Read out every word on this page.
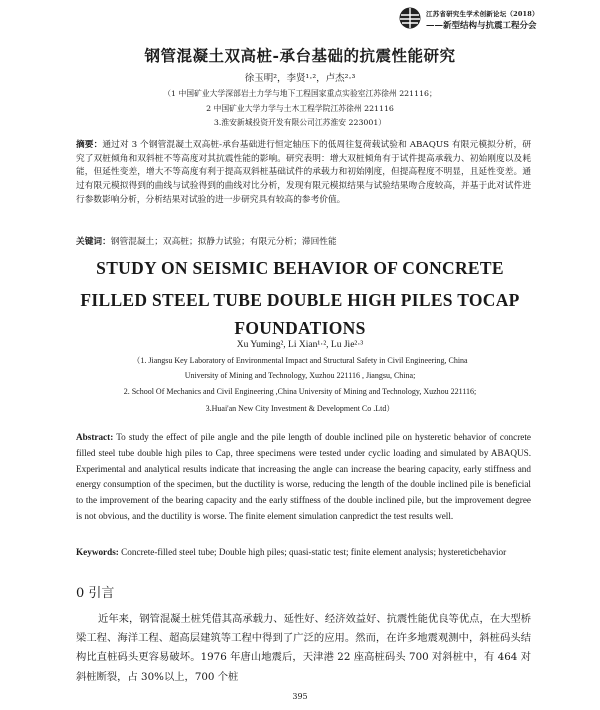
江苏省研究生学术创新论坛（2018）
——新型结构与抗震工程分会
钢管混凝土双高桩-承台基础的抗震性能研究
徐玉明²，李贤¹·²，卢杰²·³
（1 中国矿业大学深部岩土力学与地下工程国家重点实验室江苏徐州 221116；
2 中国矿业大学力学与土木工程学院江苏徐州 221116
3.淮安新城投资开发有限公司江苏淮安 223001）
摘要：通过对 3 个钢管混凝土双高桩-承台基础进行恒定轴压下的低周往复荷载试验和 ABAQUS 有限元模拟分析，研究了双桩倾角和双斜桩不等高度对其抗震性能的影响。研究表明：增大双桩倾角有于试件提高承载力、初始刚度以及耗能，但延性变差，增大不等高度有利于提高双斜桩基础试件的承载力和初始刚度，但提高程度不明显，且延性变差。通过有限元模拟得到的曲线与试验得到的曲线对比分析，发现有限元模拟结果与试验结果吻合度较高，并基于此对试件进行参数影响分析，分析结果对试验的进一步研究具有较高的参考价值。
关键词：钢管混凝土；双高桩；拟静力试验；有限元分析；滞回性能
STUDY ON SEISMIC BEHAVIOR OF CONCRETE
FILLED STEEL TUBE DOUBLE HIGH PILES TOCAP
FOUNDATIONS
Xu Yuming², Li Xian¹·², Lu Jie²·³
（1. Jiangsu Key Laboratory of Environmental Impact and Structural Safety in Civil Engineering, China
University of Mining and Technology, Xuzhou 221116 , Jiangsu, China;
2. School Of Mechanics and Civil Engineering ,China University of Mining and Technology, Xuzhou 221116;
3.Huai'an New City Investment & Development Co .Ltd）
Abstract: To study the effect of pile angle and the pile length of double inclined pile on hysteretic behavior of concrete filled steel tube double high piles to Cap, three specimens were tested under cyclic loading and simulated by ABAQUS. Experimental and analytical results indicate that increasing the angle can increase the bearing capacity, early stiffness and energy consumption of the specimen, but the ductility is worse, reducing the length of the double inclined pile is beneficial to the improvement of the bearing capacity and the early stiffness of the double inclined pile, but the improvement degree is not obvious, and the ductility is worse. The finite element simulation canpredict the test results well.
Keywords: Concrete-filled steel tube; Double high piles; quasi-static test; finite element analysis; hystereticbehavior
0 引言
近年来，钢管混凝土桩凭借其高承载力、延性好、经济效益好、抗震性能优良等优点，在大型桥梁工程、海洋工程、超高层建筑等工程中得到了广泛的应用。然而，在许多地震观测中，斜桩码头结构比直桩码头更容易破坏。1976 年唐山地震后，天津港 22 座高桩码头 700 对斜桩中，有 464 对斜桩断裂，占 30%以上，700 个桩
395
